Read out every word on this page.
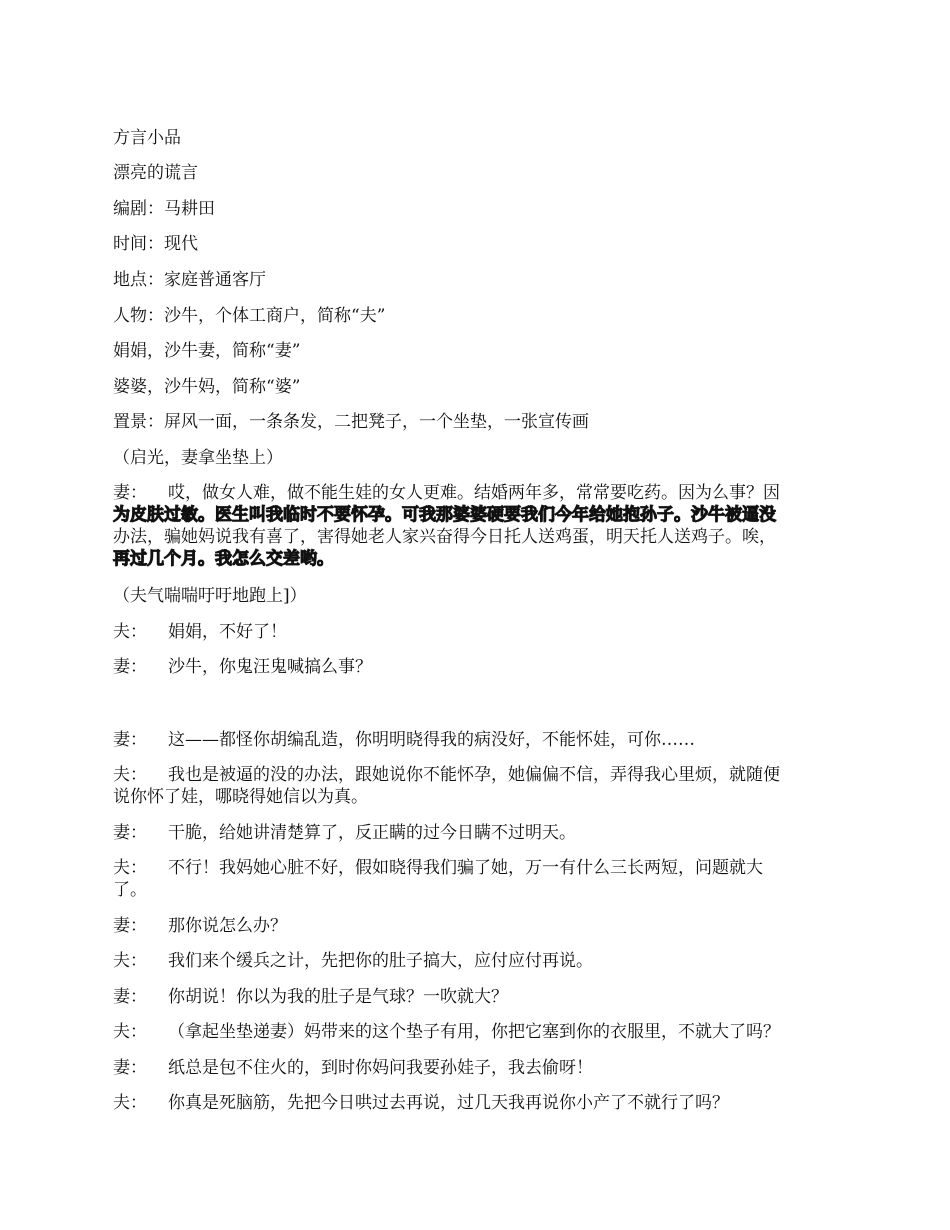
方言小品
漂亮的谎言
编剧：马耕田
时间：现代
地点：家庭普通客厅
人物：沙牛，个体工商户，简称“夫”
娟娟，沙牛妻，简称“妻”
婆婆，沙牛妈，简称“婆”
置景：屏风一面，一条条发，二把凳子，一个坐垫，一张宣传画
（启光，妻拿坐垫上）
妻： 哎，做女人难，做不能生娃的女人更难。结婚两年多，常常要吃药。因为么事？因
为皮肤过敏。医生叫我临时不要怀孕。可我那婆婆硬要我们今年给她抱孙子。沙牛被逼没
办法，骗她妈说我有喜了，害得她老人家兴奋得今日托人送鸡蛋，明天托人送鸡子。唉，
再过几个月。我怎么交差哟。
（夫气喘喘吁吁地跑上]）
夫： 娟娟，不好了！
妻： 沙牛，你鬼汪鬼喊搞么事？
妻： 这——都怪你胡编乱造，你明明晓得我的病没好，不能怀娃，可你……
夫： 我也是被逼的没的办法，跟她说你不能怀孕，她偏偏不信，弄得我心里烦，就随便
说你怀了娃，哪晓得她信以为真。
妻： 干脆，给她讲清楚算了，反正瞒的过今日瞒不过明天。
夫： 不行！我妈她心脏不好，假如晓得我们骗了她，万一有什么三长两短，问题就大
了。
妻： 那你说怎么办？
夫： 我们来个缓兵之计，先把你的肚子搞大，应付应付再说。
妻： 你胡说！你以为我的肚子是气球？一吹就大？
夫： （拿起坐垫递妻）妈带来的这个垫子有用，你把它塞到你的衣服里，不就大了吗？
妻： 纸总是包不住火的，到时你妈问我要孙娃子，我去偷呀！
夫： 你真是死脑筋，先把今日哄过去再说，过几天我再说你小产了不就行了吗？
